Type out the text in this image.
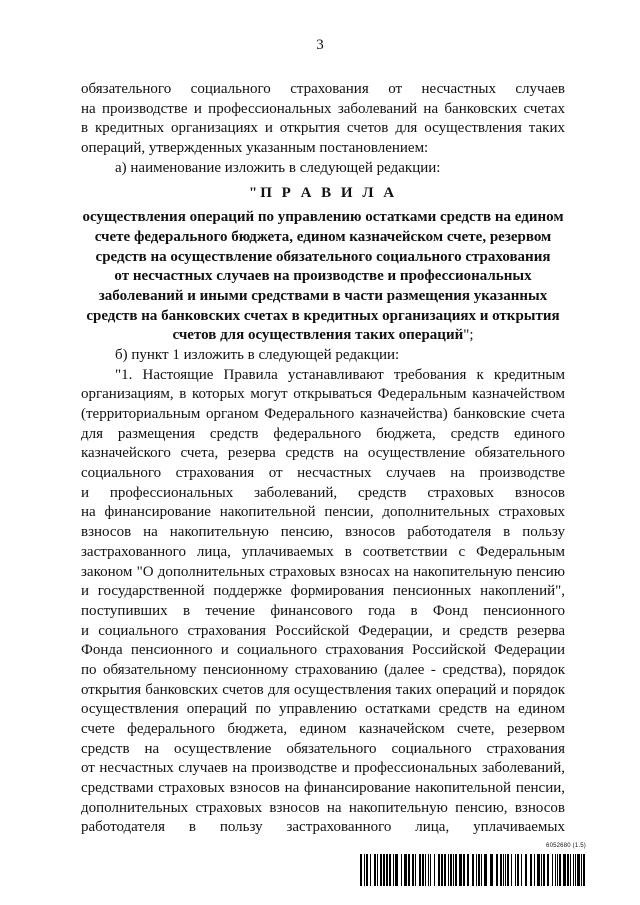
3
обязательного социального страхования от несчастных случаев
на производстве и профессиональных заболеваний на банковских счетах
в кредитных организациях и открытия счетов для осуществления таких
операций, утвержденных указанным постановлением:
а) наименование изложить в следующей редакции:
"П Р А В И Л А
осуществления операций по управлению остатками средств на едином
счете федерального бюджета, едином казначейском счете, резервом
средств на осуществление обязательного социального страхования
от несчастных случаев на производстве и профессиональных
заболеваний и иными средствами в части размещения указанных
средств на банковских счетах в кредитных организациях и открытия
счетов для осуществления таких операций";
б) пункт 1 изложить в следующей редакции:
"1. Настоящие Правила устанавливают требования к кредитным
организациям, в которых могут открываться Федеральным казначейством
(территориальным органом Федерального казначейства) банковские счета
для размещения средств федерального бюджета, средств единого
казначейского счета, резерва средств на осуществление обязательного
социального страхования от несчастных случаев на производстве
и профессиональных заболеваний, средств страховых взносов
на финансирование накопительной пенсии, дополнительных страховых
взносов на накопительную пенсию, взносов работодателя в пользу
застрахованного лица, уплачиваемых в соответствии с Федеральным
законом "О дополнительных страховых взносах на накопительную пенсию
и государственной поддержке формирования пенсионных накоплений",
поступивших в течение финансового года в Фонд пенсионного
и социального страхования Российской Федерации, и средств резерва
Фонда пенсионного и социального страхования Российской Федерации
по обязательному пенсионному страхованию (далее - средства), порядок
открытия банковских счетов для осуществления таких операций и порядок
осуществления операций по управлению остатками средств на едином
счете федерального бюджета, едином казначейском счете, резервом
средств на осуществление обязательного социального страхования
от несчастных случаев на производстве и профессиональных заболеваний,
средствами страховых взносов на финансирование накопительной пенсии,
дополнительных страховых взносов на накопительную пенсию, взносов
работодателя в пользу застрахованного лица, уплачиваемых
6052680 (1.5)
